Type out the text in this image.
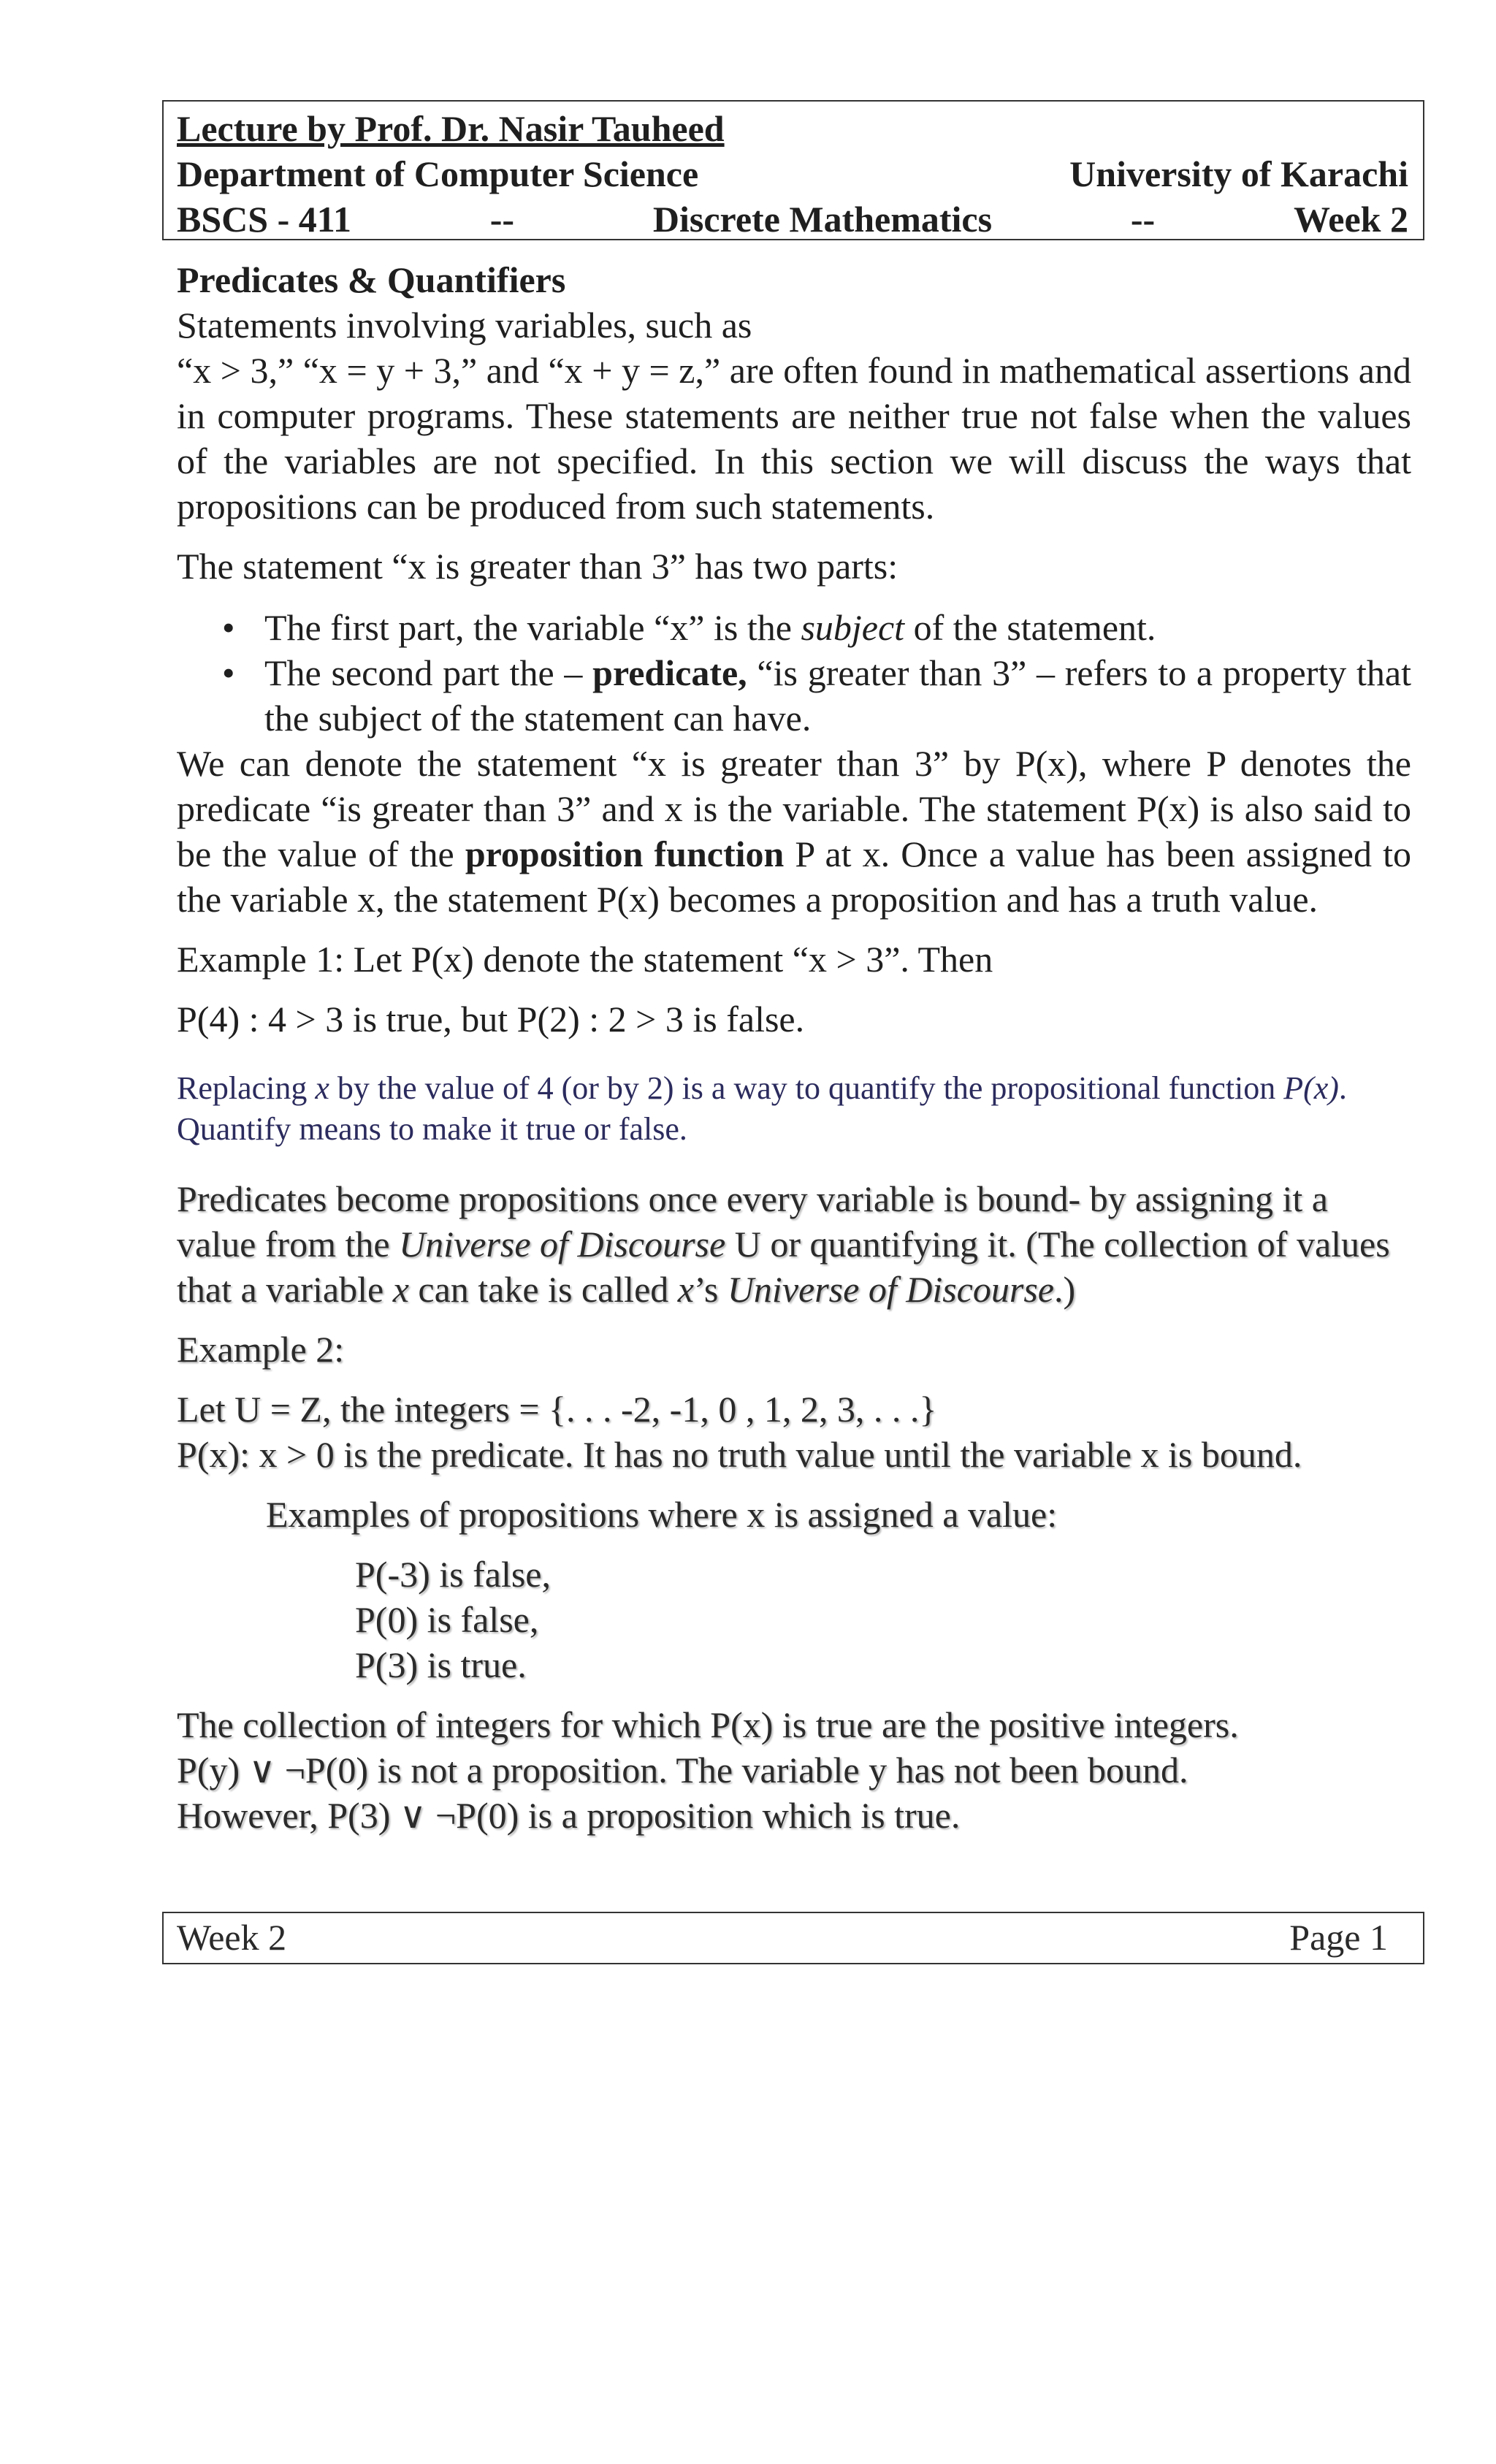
Lecture by Prof. Dr. Nasir Tauheed
Department of Computer Science	University of Karachi
BSCS - 411	--	Discrete Mathematics	--	Week 2

Predicates & Quantifiers

Statements involving variables, such as

“x > 3,” “x = y + 3,” and “x + y = z,” are often found in mathematical assertions and in computer programs. These statements are neither true not false when the values of the variables are not specified. In this section we will discuss the ways that propositions can be produced from such statements.

The statement “x is greater than 3” has two parts:

• The first part, the variable “x” is the subject of the statement.
• The second part the – predicate, “is greater than 3” – refers to a property that the subject of the statement can have.

We can denote the statement “x is greater than 3” by P(x), where P denotes the predicate “is greater than 3” and x is the variable. The statement P(x) is also said to be the value of the proposition function P at x. Once a value has been assigned to the variable x, the statement P(x) becomes a proposition and has a truth value.

Example 1: Let P(x) denote the statement “x > 3”. Then

P(4) : 4 > 3 is true, but P(2) : 2 > 3 is false.

Replacing x by the value of 4 (or by 2) is a way to quantify the propositional function P(x). Quantify means to make it true or false.

Predicates become propositions once every variable is bound- by assigning it a value from the Universe of Discourse U or quantifying it. (The collection of values that a variable x can take is called x’s Universe of Discourse.)

Example 2:

Let U = Z, the integers = {. . . -2, -1, 0 , 1, 2, 3, . . .}

P(x): x > 0 is the predicate. It has no truth value until the variable x is bound.

Examples of propositions where x is assigned a value:

P(-3) is false,

P(0) is false,

P(3) is true.

The collection of integers for which P(x) is true are the positive integers.

P(y) ∨ ¬P(0) is not a proposition. The variable y has not been bound.

However, P(3) ∨ ¬P(0) is a proposition which is true.

Week 2	Page 1
